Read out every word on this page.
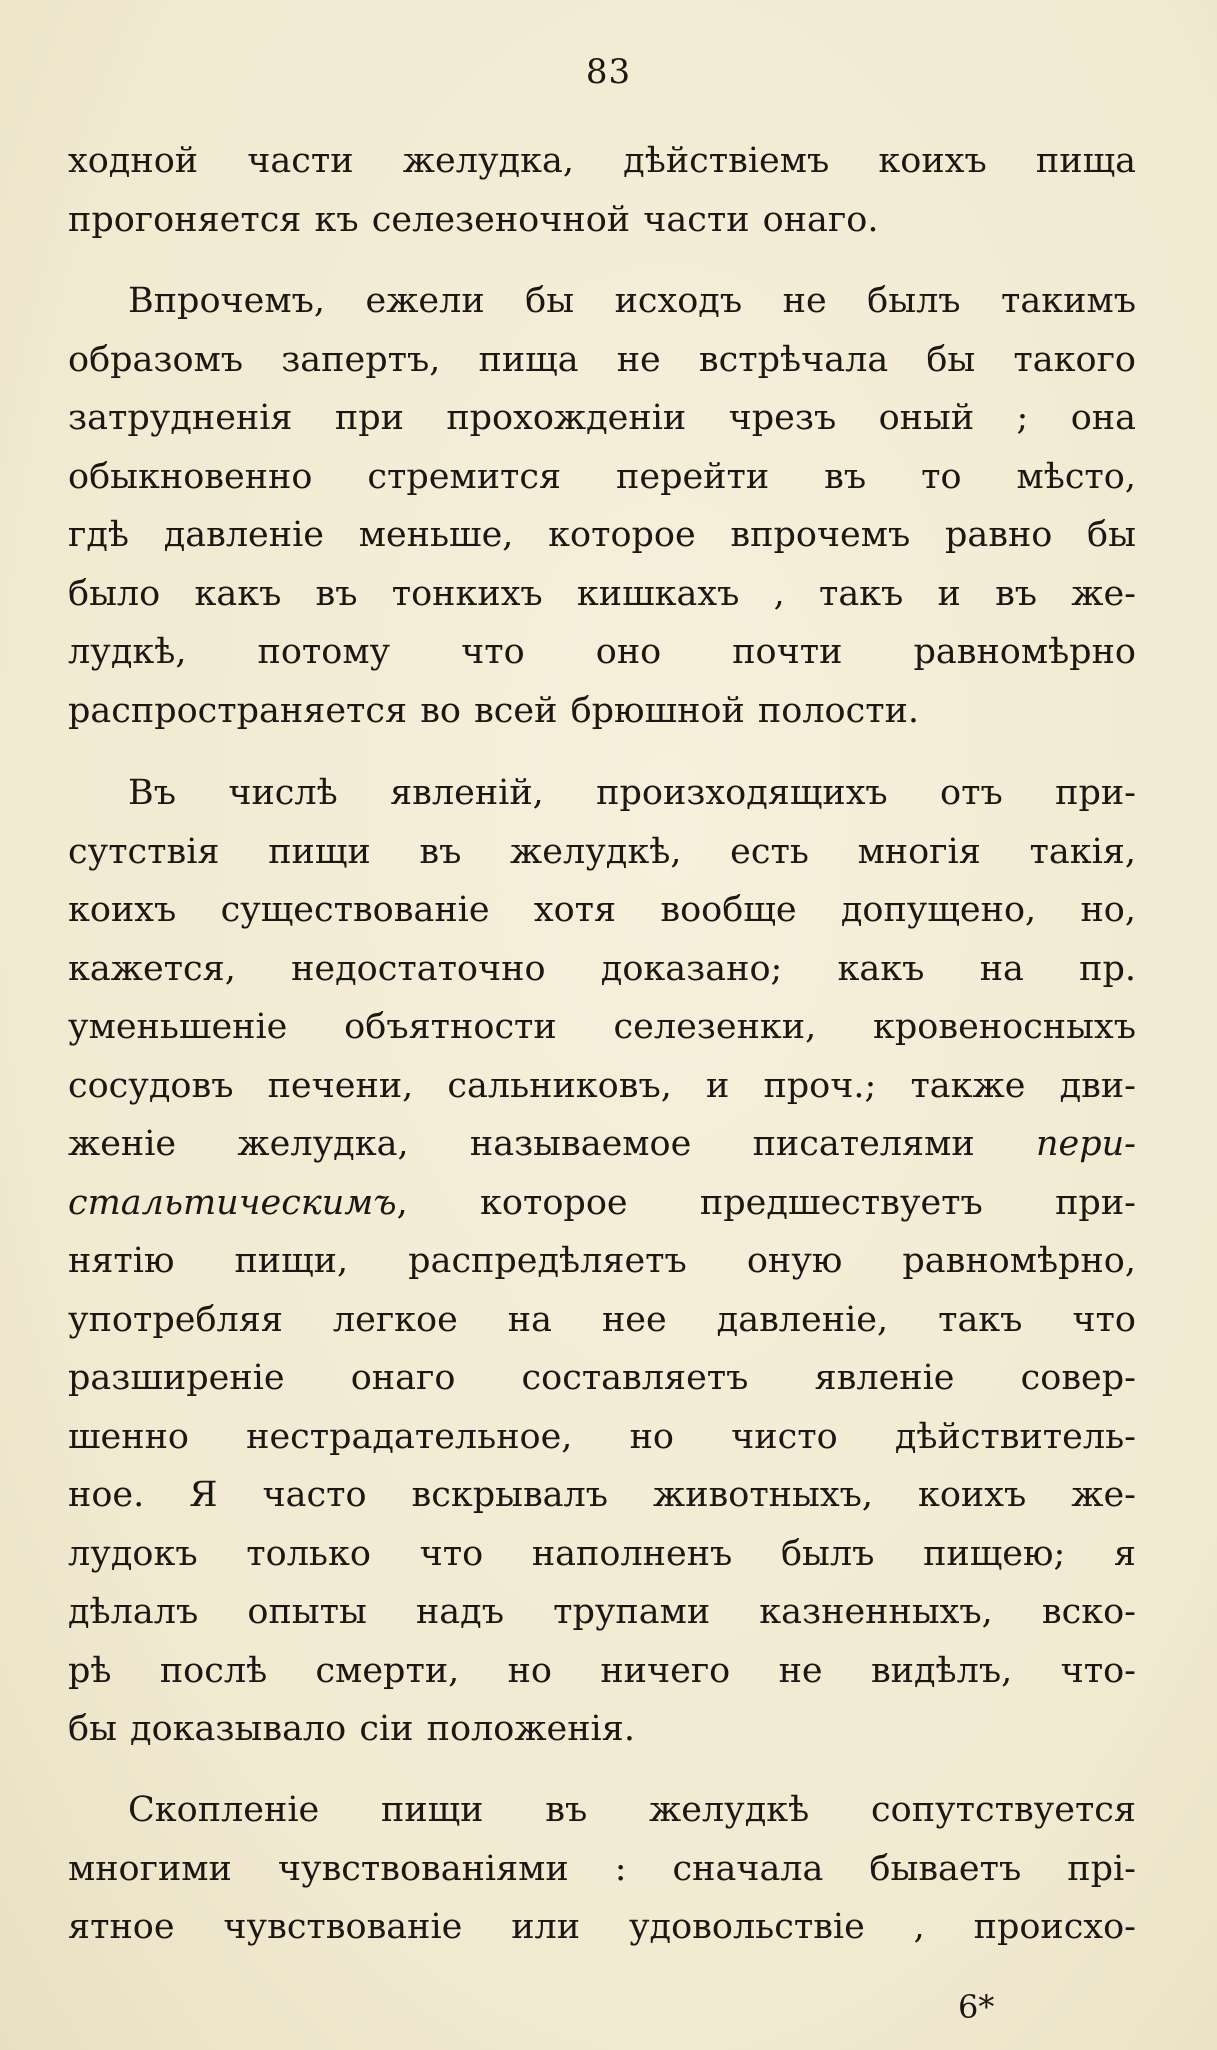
83
ходной части желудка, дѣйствіемъ коихъ пища
прогоняется къ селезеночной части онаго.
Впрочемъ, ежели бы исходъ не былъ такимъ
образомъ запертъ, пища не встрѣчала бы такого
затрудненія при прохожденіи чрезъ оный ; она
обыкновенно стремится перейти въ то мѣсто,
гдѣ давленіе меньше, которое впрочемъ равно бы
было какъ въ тонкихъ кишкахъ , такъ и въ же-
лудкѣ, потому что оно почти равномѣрно
распространяется во всей брюшной полости.
Въ числѣ явленій, произходящихъ отъ при-
сутствія пищи въ желудкѣ, есть многія такія,
коихъ существованіе хотя вообще допущено, но,
кажется, недостаточно доказано; какъ на пр.
уменьшеніе объятности селезенки, кровеносныхъ
сосудовъ печени, сальниковъ, и проч.; также дви-
женіе желудка, называемое писателями пери-
стальтическимъ, которое предшествуетъ при-
нятію пищи, распредѣляетъ оную равномѣрно,
употребляя легкое на нее давленіе, такъ что
разширеніе онаго составляетъ явленіе совер-
шенно нестрадательное, но чисто дѣйствитель-
ное. Я часто вскрывалъ животныхъ, коихъ же-
лудокъ только что наполненъ былъ пищею; я
дѣлалъ опыты надъ трупами казненныхъ, вско-
рѣ послѣ смерти, но ничего не видѣлъ, что-
бы доказывало сіи положенія.
Скопленіе пищи въ желудкѣ сопутствуется
многими чувствованіями : сначала бываетъ прі-
ятное чувствованіе или удовольствіе , происхо-
6*
